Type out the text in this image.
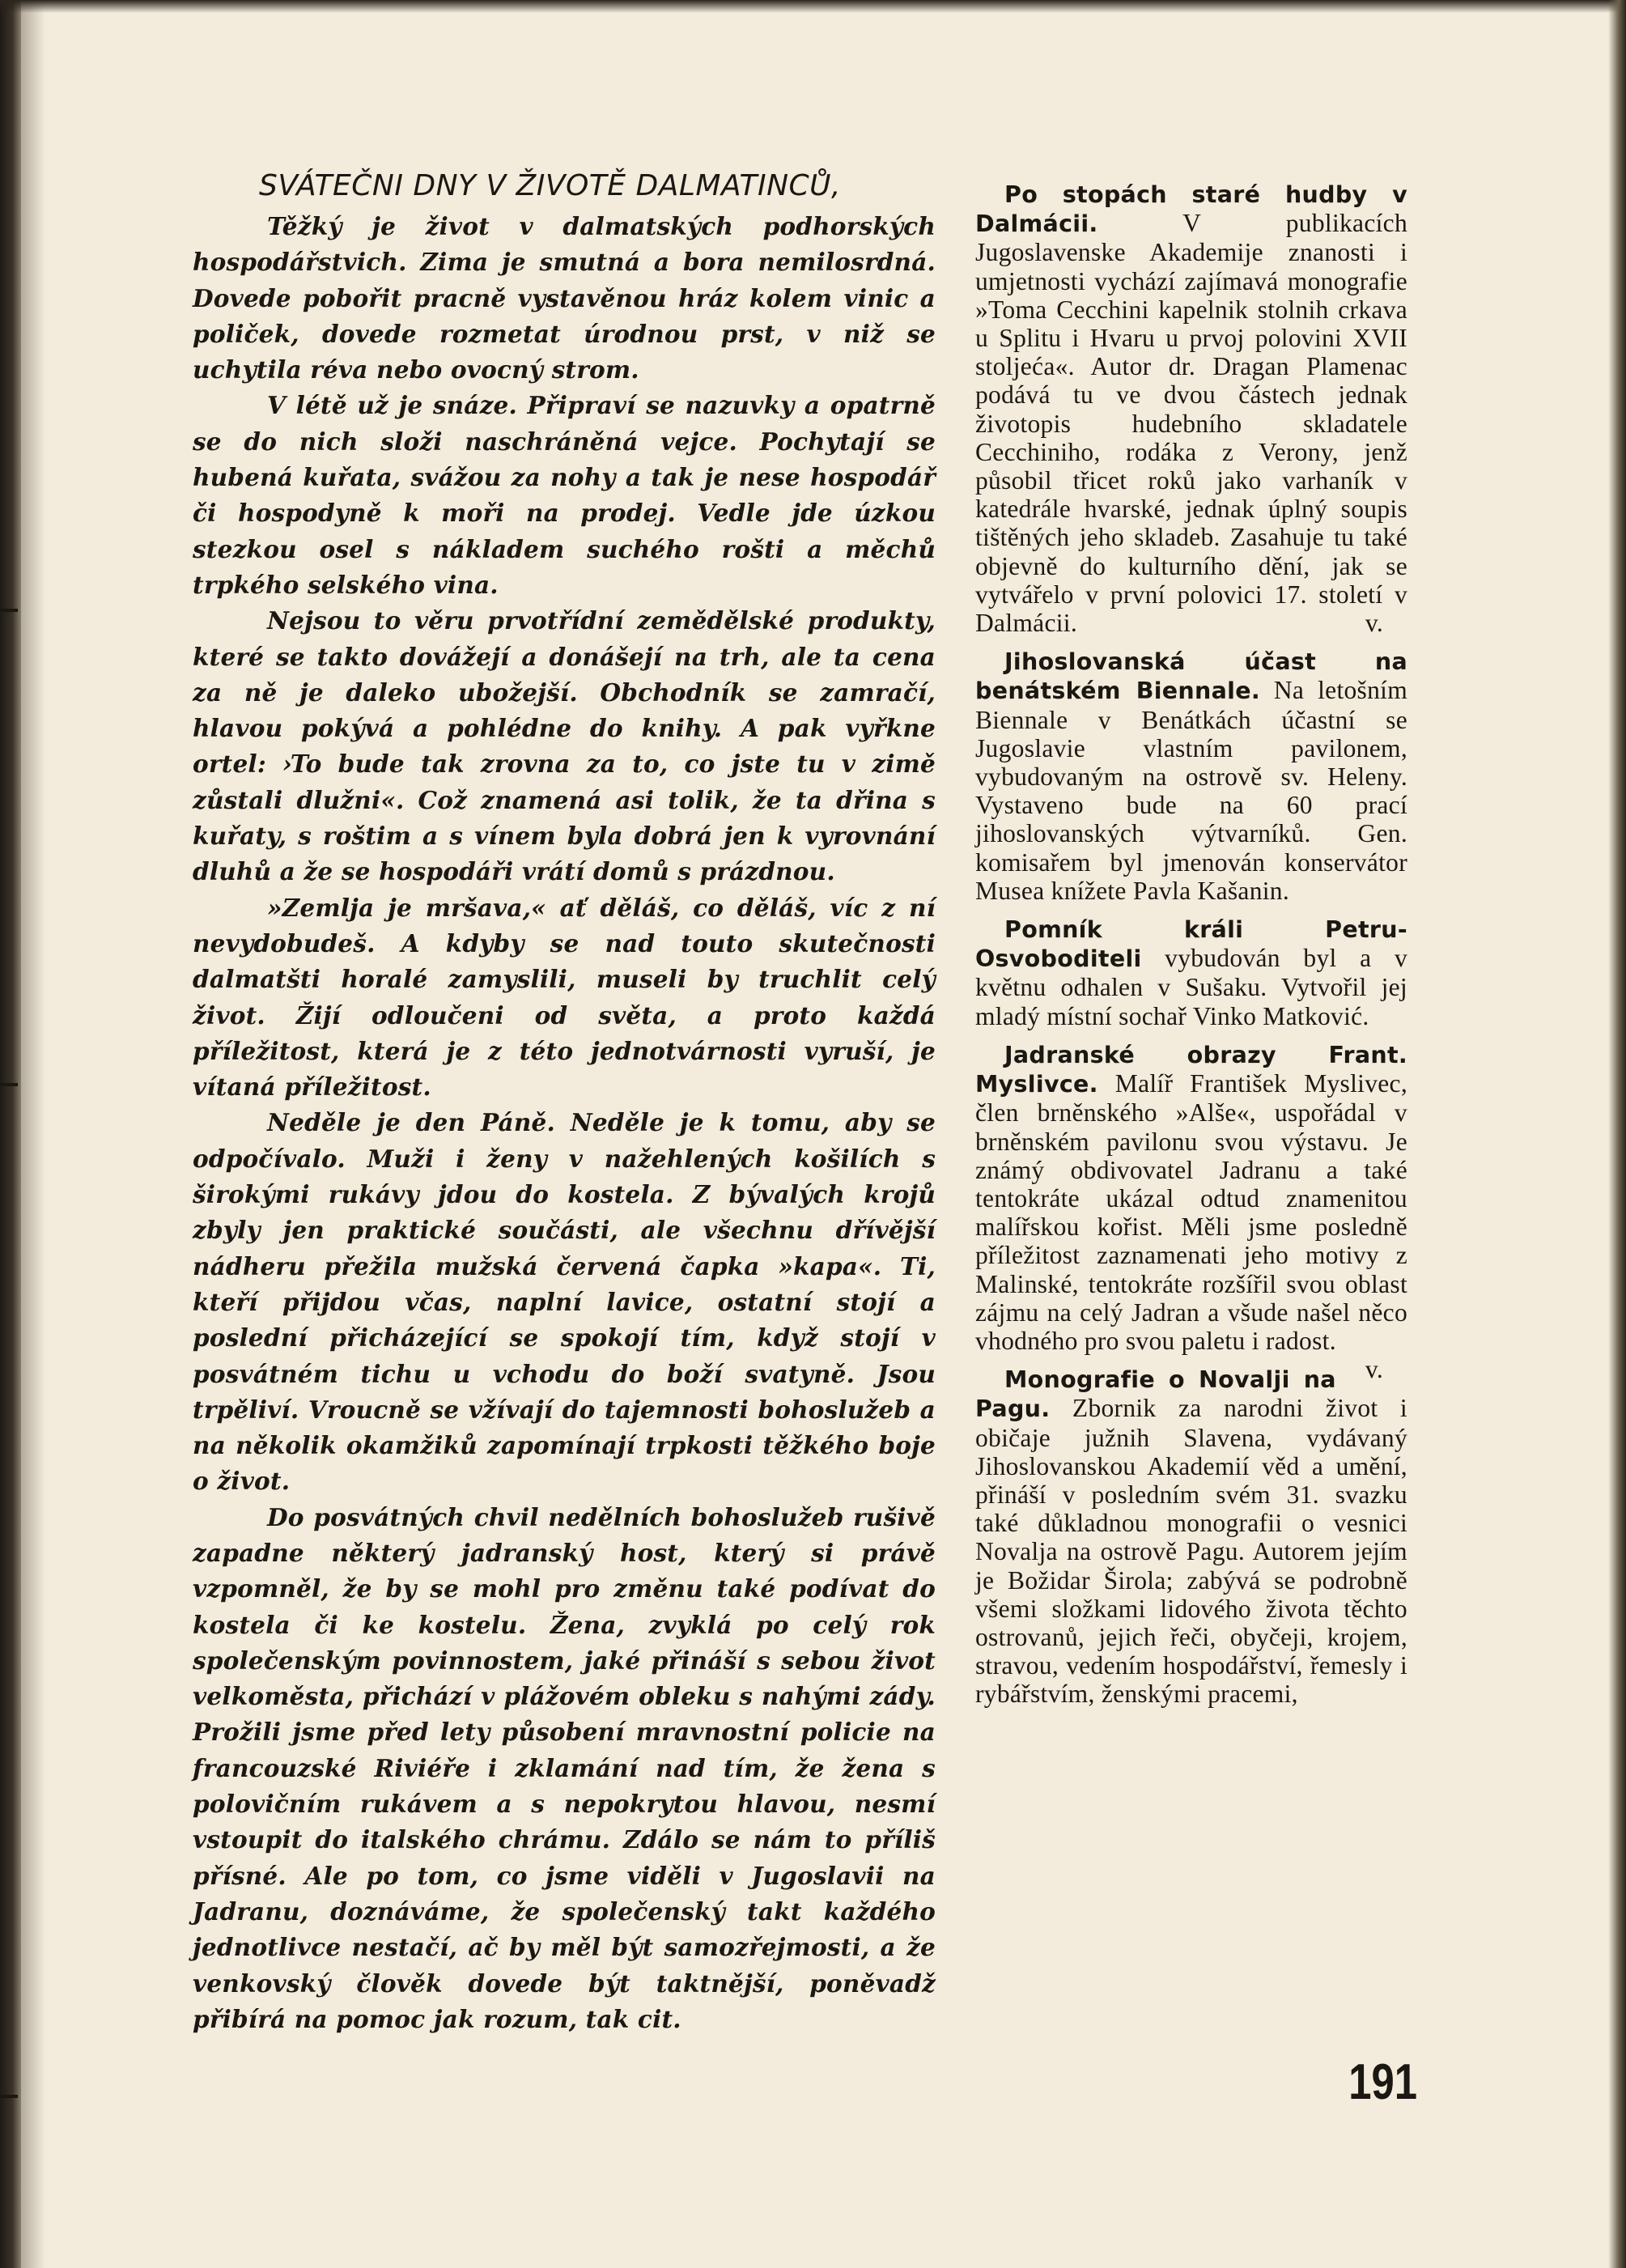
SVÁTEČNI DNY V ŽIVOTĚ DALMATINCŮ,

Těžký je život v dalmatských podhorských hospodářstvich. Zima je smutná a bora nemilosrdná. Dovede pobořit pracně vystavěnou hráz kolem vinic a poliček, dovede rozmetat úrodnou prst, v niž se uchytila réva nebo ovocný strom.

V létě už je snáze. Připraví se nazuvky a opatrně se do nich složi naschráněná vejce. Pochytají se hubená kuřata, svážou za nohy a tak je nese hospodář či hospodyně k moři na prodej. Vedle jde úzkou stezkou osel s nákladem suchého rošti a měchů trpkého selského vina.

Nejsou to věru prvotřídní zemědělské produkty, které se takto dovážejí a donášejí na trh, ale ta cena za ně je daleko ubožejší. Obchodník se zamračí, hlavou pokývá a pohlédne do knihy. A pak vyřkne ortel: ›To bude tak zrovna za to, co jste tu v zimě zůstali dlužni«. Což znamená asi tolik, že ta dřina s kuřaty, s roštim a s vínem byla dobrá jen k vyrovnání dluhů a že se hospodáři vrátí domů s prázdnou.

»Zemlja je mršava,« ať děláš, co děláš, víc z ní nevydobudeš. A kdyby se nad touto skutečnosti dalmatšti horalé zamyslili, museli by truchlit celý život. Žijí odloučeni od světa, a proto každá příležitost, která je z této jednotvárnosti vyruší, je vítaná příležitost.

Neděle je den Páně. Neděle je k tomu, aby se odpočívalo. Muži i ženy v nažehlených košilích s širokými rukávy jdou do kostela. Z bývalých krojů zbyly jen praktické součásti, ale všechnu dřívější nádheru přežila mužská červená čapka »kapa«. Ti, kteří přijdou včas, naplní lavice, ostatní stojí a poslední přicházející se spokojí tím, když stojí v posvátném tichu u vchodu do boží svatyně. Jsou trpěliví. Vroucně se vžívají do tajemnosti bohoslužeb a na několik okamžiků zapomínají trpkosti těžkého boje o život.

Do posvátných chvil nedělních bohoslužeb rušivě zapadne některý jadranský host, který si právě vzpomněl, že by se mohl pro změnu také podívat do kostela či ke kostelu. Žena, zvyklá po celý rok společenským povinnostem, jaké přináší s sebou život velkoměsta, přichází v plážovém obleku s nahými zády. Prožili jsme před lety působení mravnostní policie na francouzské Riviéře i zklamání nad tím, že žena s polovičním rukávem a s nepokrytou hlavou, nesmí vstoupit do italského chrámu. Zdálo se nám to příliš přísné. Ale po tom, co jsme viděli v Jugoslavii na Jadranu, doznáváme, že společenský takt každého jednotlivce nestačí, ač by měl být samozřejmosti, a že venkovský člověk dovede být taktnější, poněvadž přibírá na pomoc jak rozum, tak cit.

Po stopách staré hudby v Dalmácii. V publikacích Jugoslavenske Akademije znanosti i umjetnosti vychází zajímavá monografie »Toma Cecchini kapelnik stolnih crkava u Splitu i Hvaru u prvoj polovini XVII stoljeća«. Autor dr. Dragan Plamenac podává tu ve dvou částech jednak životopis hudebního skladatele Cecchiniho, rodáka z Verony, jenž působil třicet roků jako varhaník v katedrále hvarské, jednak úplný soupis tištěných jeho skladeb. Zasahuje tu také objevně do kulturního dění, jak se vytvářelo v první polovici 17. století v Dalmácii.	v.

Jihoslovanská účast na benátském Biennale. Na letošním Biennale v Benátkách účastní se Jugoslavie vlastním pavilonem, vybudovaným na ostrově sv. Heleny. Vystaveno bude na 60 prací jihoslovanských výtvarníků. Gen. komisařem byl jmenován konservátor Musea knížete Pavla Kašanin.

Pomník králi Petru-Osvoboditeli vybudován byl a v květnu odhalen v Sušaku. Vytvořil jej mladý místní sochař Vinko Matković.

Jadranské obrazy Frant. Myslivce. Malíř František Myslivec, člen brněnského »Alše«, uspořádal v brněnském pavilonu svou výstavu. Je známý obdivovatel Jadranu a také tentokráte ukázal odtud znamenitou malířskou kořist. Měli jsme posledně příležitost zaznamenati jeho motivy z Malinské, tentokráte rozšířil svou oblast zájmu na celý Jadran a všude našel něco vhodného pro svou paletu i radost.
v.

Monografie o Novalji na Pagu. Zbornik za narodni život i običaje južnih Slavena, vydávaný Jihoslovanskou Akademií věd a umění, přináší v posledním svém 31. svazku také důkladnou monografii o vesnici Novalja na ostrově Pagu. Autorem jejím je Božidar Širola; zabývá se podrobně všemi složkami lidového života těchto ostrovanů, jejich řeči, obyčeji, krojem, stravou, vedením hospodářství, řemesly i rybářstvím, ženskými pracemi,

191
